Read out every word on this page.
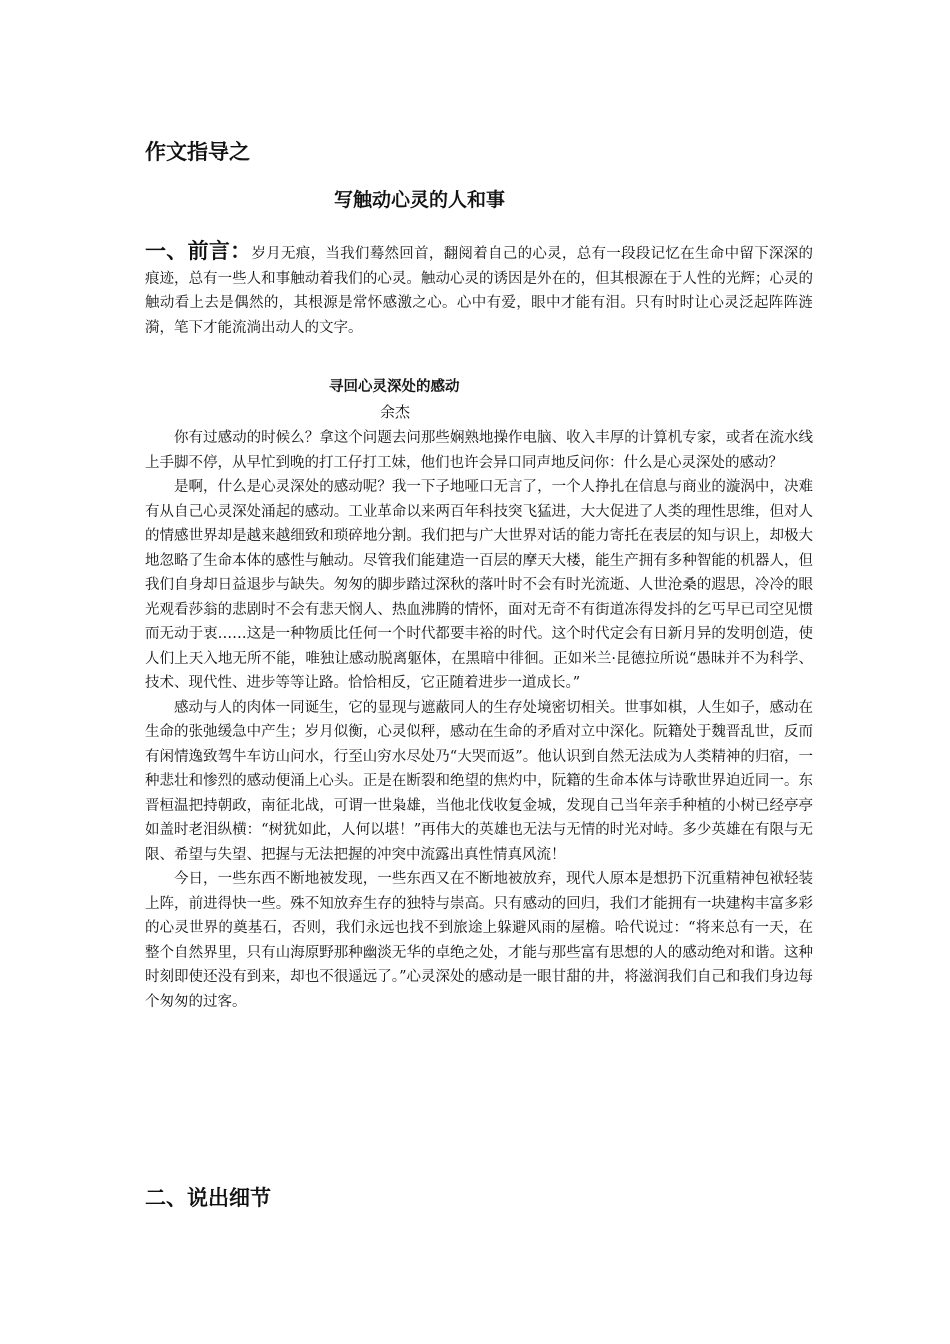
作文指导之
写触动心灵的人和事

一、前言：岁月无痕，当我们蓦然回首，翻阅着自己的心灵，总有一段段记忆在生命中留下深深的痕迹，总有一些人和事触动着我们的心灵。触动心灵的诱因是外在的，但其根源在于人性的光辉；心灵的触动看上去是偶然的，其根源是常怀感激之心。心中有爱，眼中才能有泪。只有时时让心灵泛起阵阵涟漪，笔下才能流淌出动人的文字。

寻回心灵深处的感动
余杰

你有过感动的时候么？拿这个问题去问那些娴熟地操作电脑、收入丰厚的计算机专家，或者在流水线上手脚不停，从早忙到晚的打工仔打工妹，他们也许会异口同声地反问你：什么是心灵深处的感动？

是啊，什么是心灵深处的感动呢？我一下子地哑口无言了，一个人挣扎在信息与商业的漩涡中，决难有从自己心灵深处涌起的感动。工业革命以来两百年科技突飞猛进，大大促进了人类的理性思维，但对人的情感世界却是越来越细致和琐碎地分割。我们把与广大世界对话的能力寄托在表层的知与识上，却极大地忽略了生命本体的感性与触动。尽管我们能建造一百层的摩天大楼，能生产拥有多种智能的机器人，但我们自身却日益退步与缺失。匆匆的脚步踏过深秋的落叶时不会有时光流逝、人世沧桑的遐思，冷冷的眼光观看莎翁的悲剧时不会有悲天悯人、热血沸腾的情怀，面对无奇不有街道冻得发抖的乞丐早已司空见惯而无动于衷……这是一种物质比任何一个时代都要丰裕的时代。这个时代定会有日新月异的发明创造，使人们上天入地无所不能，唯独让感动脱离躯体，在黑暗中徘徊。正如米兰·昆德拉所说“愚昧并不为科学、技术、现代性、进步等等让路。恰恰相反，它正随着进步一道成长。”

感动与人的肉体一同诞生，它的显现与遮蔽同人的生存处境密切相关。世事如棋，人生如子，感动在生命的张弛缓急中产生；岁月似衡，心灵似秤，感动在生命的矛盾对立中深化。阮籍处于魏晋乱世，反而有闲情逸致驾牛车访山问水，行至山穷水尽处乃“大哭而返”。他认识到自然无法成为人类精神的归宿，一种悲壮和惨烈的感动便涌上心头。正是在断裂和绝望的焦灼中，阮籍的生命本体与诗歌世界迫近同一。东晋桓温把持朝政，南征北战，可谓一世枭雄，当他北伐收复金城，发现自己当年亲手种植的小树已经亭亭如盖时老泪纵横：“树犹如此，人何以堪！”再伟大的英雄也无法与无情的时光对峙。多少英雄在有限与无限、希望与失望、把握与无法把握的冲突中流露出真性情真风流！

今日，一些东西不断地被发现，一些东西又在不断地被放弃，现代人原本是想扔下沉重精神包袱轻装上阵，前进得快一些。殊不知放弃生存的独特与崇高。只有感动的回归，我们才能拥有一块建构丰富多彩的心灵世界的奠基石，否则，我们永远也找不到旅途上躲避风雨的屋檐。哈代说过：“将来总有一天，在整个自然界里，只有山海原野那种幽淡无华的卓绝之处，才能与那些富有思想的人的感动绝对和谐。这种时刻即使还没有到来，却也不很遥远了。”心灵深处的感动是一眼甘甜的井，将滋润我们自己和我们身边每个匆匆的过客。

二、说出细节
